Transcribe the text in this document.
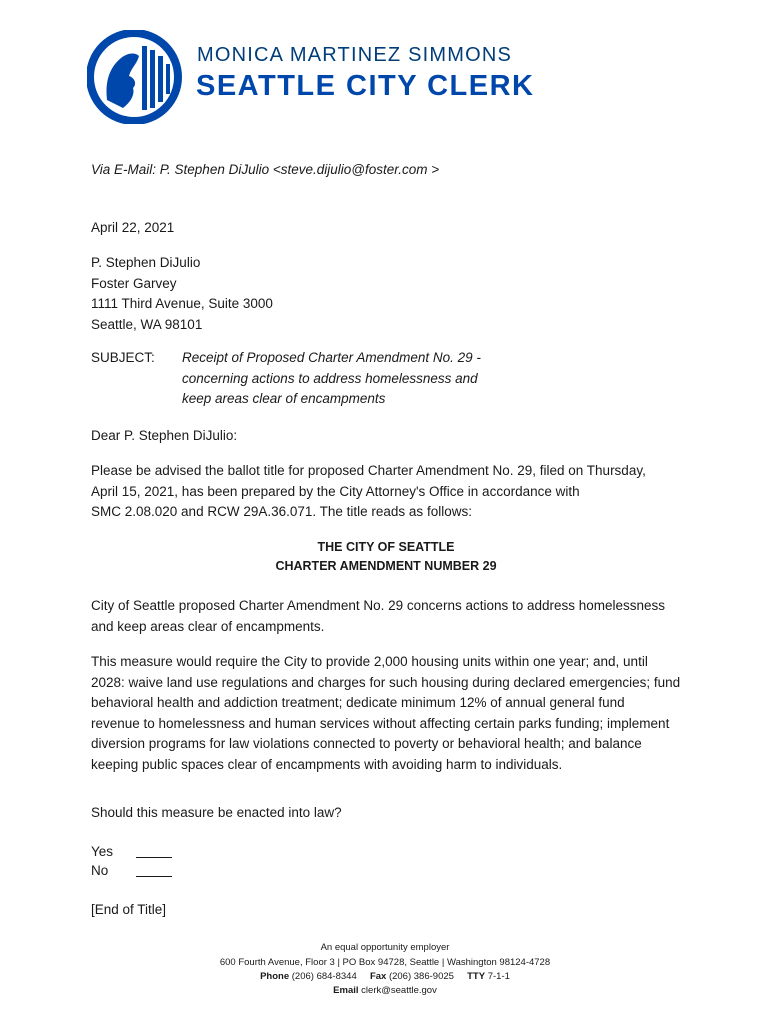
MONICA MARTINEZ SIMMONS
SEATTLE CITY CLERK
Via E-Mail: P. Stephen DiJulio <steve.dijulio@foster.com >
April 22, 2021
P. Stephen DiJulio
Foster Garvey
1111 Third Avenue, Suite 3000
Seattle, WA 98101
SUBJECT: Receipt of Proposed Charter Amendment No. 29 -
concerning actions to address homelessness and
keep areas clear of encampments
Dear P. Stephen DiJulio:
Please be advised the ballot title for proposed Charter Amendment No. 29, filed on Thursday,
April 15, 2021, has been prepared by the City Attorney's Office in accordance with
SMC 2.08.020 and RCW 29A.36.071. The title reads as follows:
THE CITY OF SEATTLE
CHARTER AMENDMENT NUMBER 29
City of Seattle proposed Charter Amendment No. 29 concerns actions to address homelessness
and keep areas clear of encampments.
This measure would require the City to provide 2,000 housing units within one year; and, until
2028: waive land use regulations and charges for such housing during declared emergencies; fund
behavioral health and addiction treatment; dedicate minimum 12% of annual general fund
revenue to homelessness and human services without affecting certain parks funding; implement
diversion programs for law violations connected to poverty or behavioral health; and balance
keeping public spaces clear of encampments with avoiding harm to individuals.
Should this measure be enacted into law?
Yes
No
[End of Title]
An equal opportunity employer
600 Fourth Avenue, Floor 3 | PO Box 94728, Seattle | Washington 98124-4728
Phone (206) 684-8344 Fax (206) 386-9025 TTY 7-1-1
Email clerk@seattle.gov
